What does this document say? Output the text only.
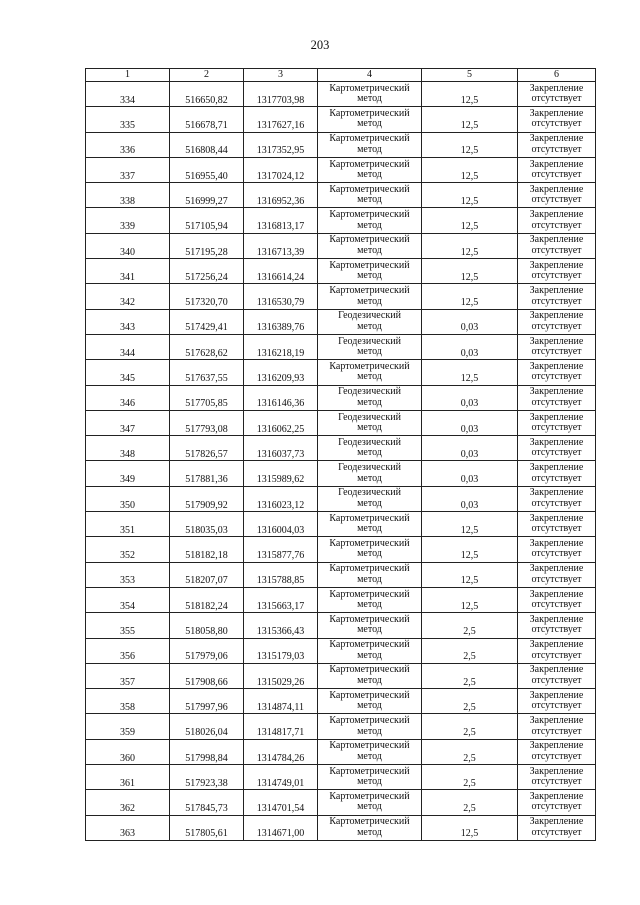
203
1	2	3	4	5	6
334	516650,82	1317703,98	Картометрический
метод	12,5	Закрепление
отсутствует

335	516678,71	1317627,16	Картометрический
метод	12,5	Закрепление
отсутствует

336	516808,44	1317352,95	Картометрический
метод	12,5	Закрепление
отсутствует

337	516955,40	1317024,12	Картометрический
метод	12,5	Закрепление
отсутствует

338	516999,27	1316952,36	Картометрический
метод	12,5	Закрепление
отсутствует

339	517105,94	1316813,17	Картометрический
метод	12,5	Закрепление
отсутствует

340	517195,28	1316713,39	Картометрический
метод	12,5	Закрепление
отсутствует

341	517256,24	1316614,24	Картометрический
метод	12,5	Закрепление
отсутствует

342	517320,70	1316530,79	Картометрический
метод	12,5	Закрепление
отсутствует

343	517429,41	1316389,76	Геодезический
метод	0,03	Закрепление
отсутствует

344	517628,62	1316218,19	Геодезический
метод	0,03	Закрепление
отсутствует

345	517637,55	1316209,93	Картометрический
метод	12,5	Закрепление
отсутствует

346	517705,85	1316146,36	Геодезический
метод	0,03	Закрепление
отсутствует

347	517793,08	1316062,25	Геодезический
метод	0,03	Закрепление
отсутствует

348	517826,57	1316037,73	Геодезический
метод	0,03	Закрепление
отсутствует

349	517881,36	1315989,62	Геодезический
метод	0,03	Закрепление
отсутствует

350	517909,92	1316023,12	Геодезический
метод	0,03	Закрепление
отсутствует

351	518035,03	1316004,03	Картометрический
метод	12,5	Закрепление
отсутствует

352	518182,18	1315877,76	Картометрический
метод	12,5	Закрепление
отсутствует

353	518207,07	1315788,85	Картометрический
метод	12,5	Закрепление
отсутствует

354	518182,24	1315663,17	Картометрический
метод	12,5	Закрепление
отсутствует

355	518058,80	1315366,43	Картометрический
метод	2,5	Закрепление
отсутствует

356	517979,06	1315179,03	Картометрический
метод	2,5	Закрепление
отсутствует

357	517908,66	1315029,26	Картометрический
метод	2,5	Закрепление
отсутствует

358	517997,96	1314874,11	Картометрический
метод	2,5	Закрепление
отсутствует

359	518026,04	1314817,71	Картометрический
метод	2,5	Закрепление
отсутствует

360	517998,84	1314784,26	Картометрический
метод	2,5	Закрепление
отсутствует

361	517923,38	1314749,01	Картометрический
метод	2,5	Закрепление
отсутствует

362	517845,73	1314701,54	Картометрический
метод	2,5	Закрепление
отсутствует

363	517805,61	1314671,00	Картометрический
метод	12,5	Закрепление
отсутствует
